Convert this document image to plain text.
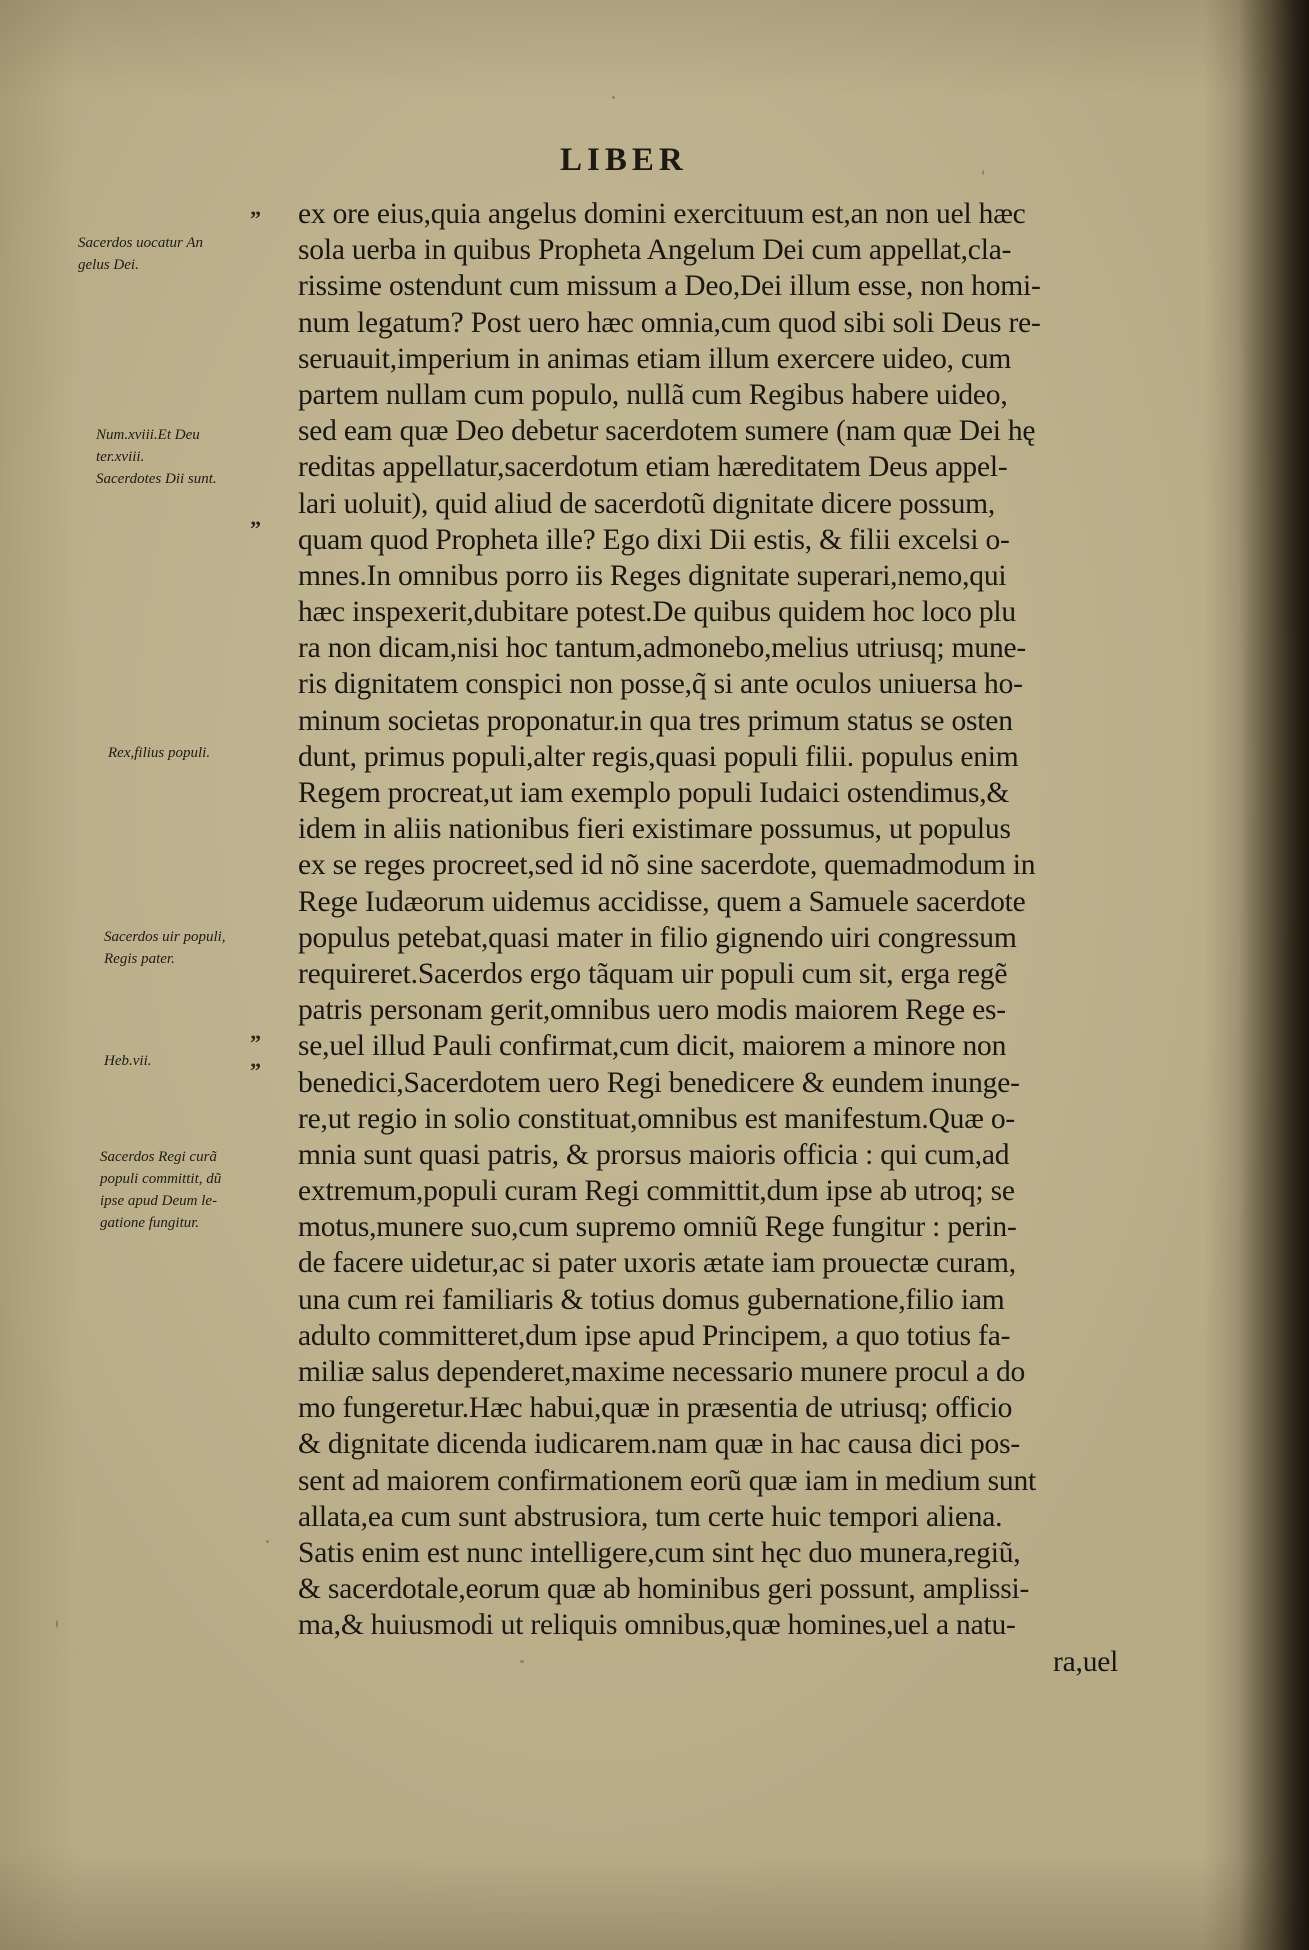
LIBER
ex ore eius,quia angelus domini exercituum est,an non uel hæc
sola uerba in quibus Propheta Angelum Dei cum appellat,cla-
rissime ostendunt cum missum a Deo,Dei illum esse, non homi-
num legatum? Post uero hæc omnia,cum quod sibi soli Deus re-
seruauit,imperium in animas etiam illum exercere uideo, cum
partem nullam cum populo, nullã cum Regibus habere uideo,
sed eam quæ Deo debetur sacerdotem sumere (nam quæ Dei hę
reditas appellatur,sacerdotum etiam hæreditatem Deus appel-
lari uoluit), quid aliud de sacerdotũ dignitate dicere possum,
quam quod Propheta ille? Ego dixi Dii estis, & filii excelsi o-
mnes.In omnibus porro iis Reges dignitate superari,nemo,qui
hæc inspexerit,dubitare potest.De quibus quidem hoc loco plu
ra non dicam,nisi hoc tantum,admonebo,melius utriusq; mune-
ris dignitatem conspici non posse,q̃ si ante oculos uniuersa ho-
minum societas proponatur.in qua tres primum status se osten
dunt, primus populi,alter regis,quasi populi filii. populus enim
Regem procreat,ut iam exemplo populi Iudaici ostendimus,&
idem in aliis nationibus fieri existimare possumus, ut populus
ex se reges procreet,sed id nõ sine sacerdote, quemadmodum in
Rege Iudæorum uidemus accidisse, quem a Samuele sacerdote
populus petebat,quasi mater in filio gignendo uiri congressum
requireret.Sacerdos ergo tãquam uir populi cum sit, erga regẽ
patris personam gerit,omnibus uero modis maiorem Rege es-
se,uel illud Pauli confirmat,cum dicit, maiorem a minore non
benedici,Sacerdotem uero Regi benedicere & eundem inunge-
re,ut regio in solio constituat,omnibus est manifestum.Quæ o-
mnia sunt quasi patris, & prorsus maioris officia : qui cum,ad
extremum,populi curam Regi committit,dum ipse ab utroq; se
motus,munere suo,cum supremo omniũ Rege fungitur : perin-
de facere uidetur,ac si pater uxoris ætate iam prouectæ curam,
una cum rei familiaris & totius domus gubernatione,filio iam
adulto committeret,dum ipse apud Principem, a quo totius fa-
miliæ salus dependeret,maxime necessario munere procul a do
mo fungeretur.Hæc habui,quæ in præsentia de utriusq; officio
& dignitate dicenda iudicarem.nam quæ in hac causa dici pos-
sent ad maiorem confirmationem eorũ quæ iam in medium sunt
allata,ea cum sunt abstrusiora, tum certe huic tempori aliena.
Satis enim est nunc intelligere,cum sint hęc duo munera,regiũ,
& sacerdotale,eorum quæ ab hominibus geri possunt, amplissi-
ma,& huiusmodi ut reliquis omnibus,quæ homines,uel a natu-
ra,uel
Sacerdos uocatur An
gelus Dei.
Num.xviii.Et Deu
ter.xviii.
Sacerdotes Dii sunt.
Rex,filius populi.
Sacerdos uir populi,
Regis pater.
Heb.vii.
Sacerdos Regi curã
populi committit, dũ
ipse apud Deum le-
gatione fungitur.
”
”
”
”
